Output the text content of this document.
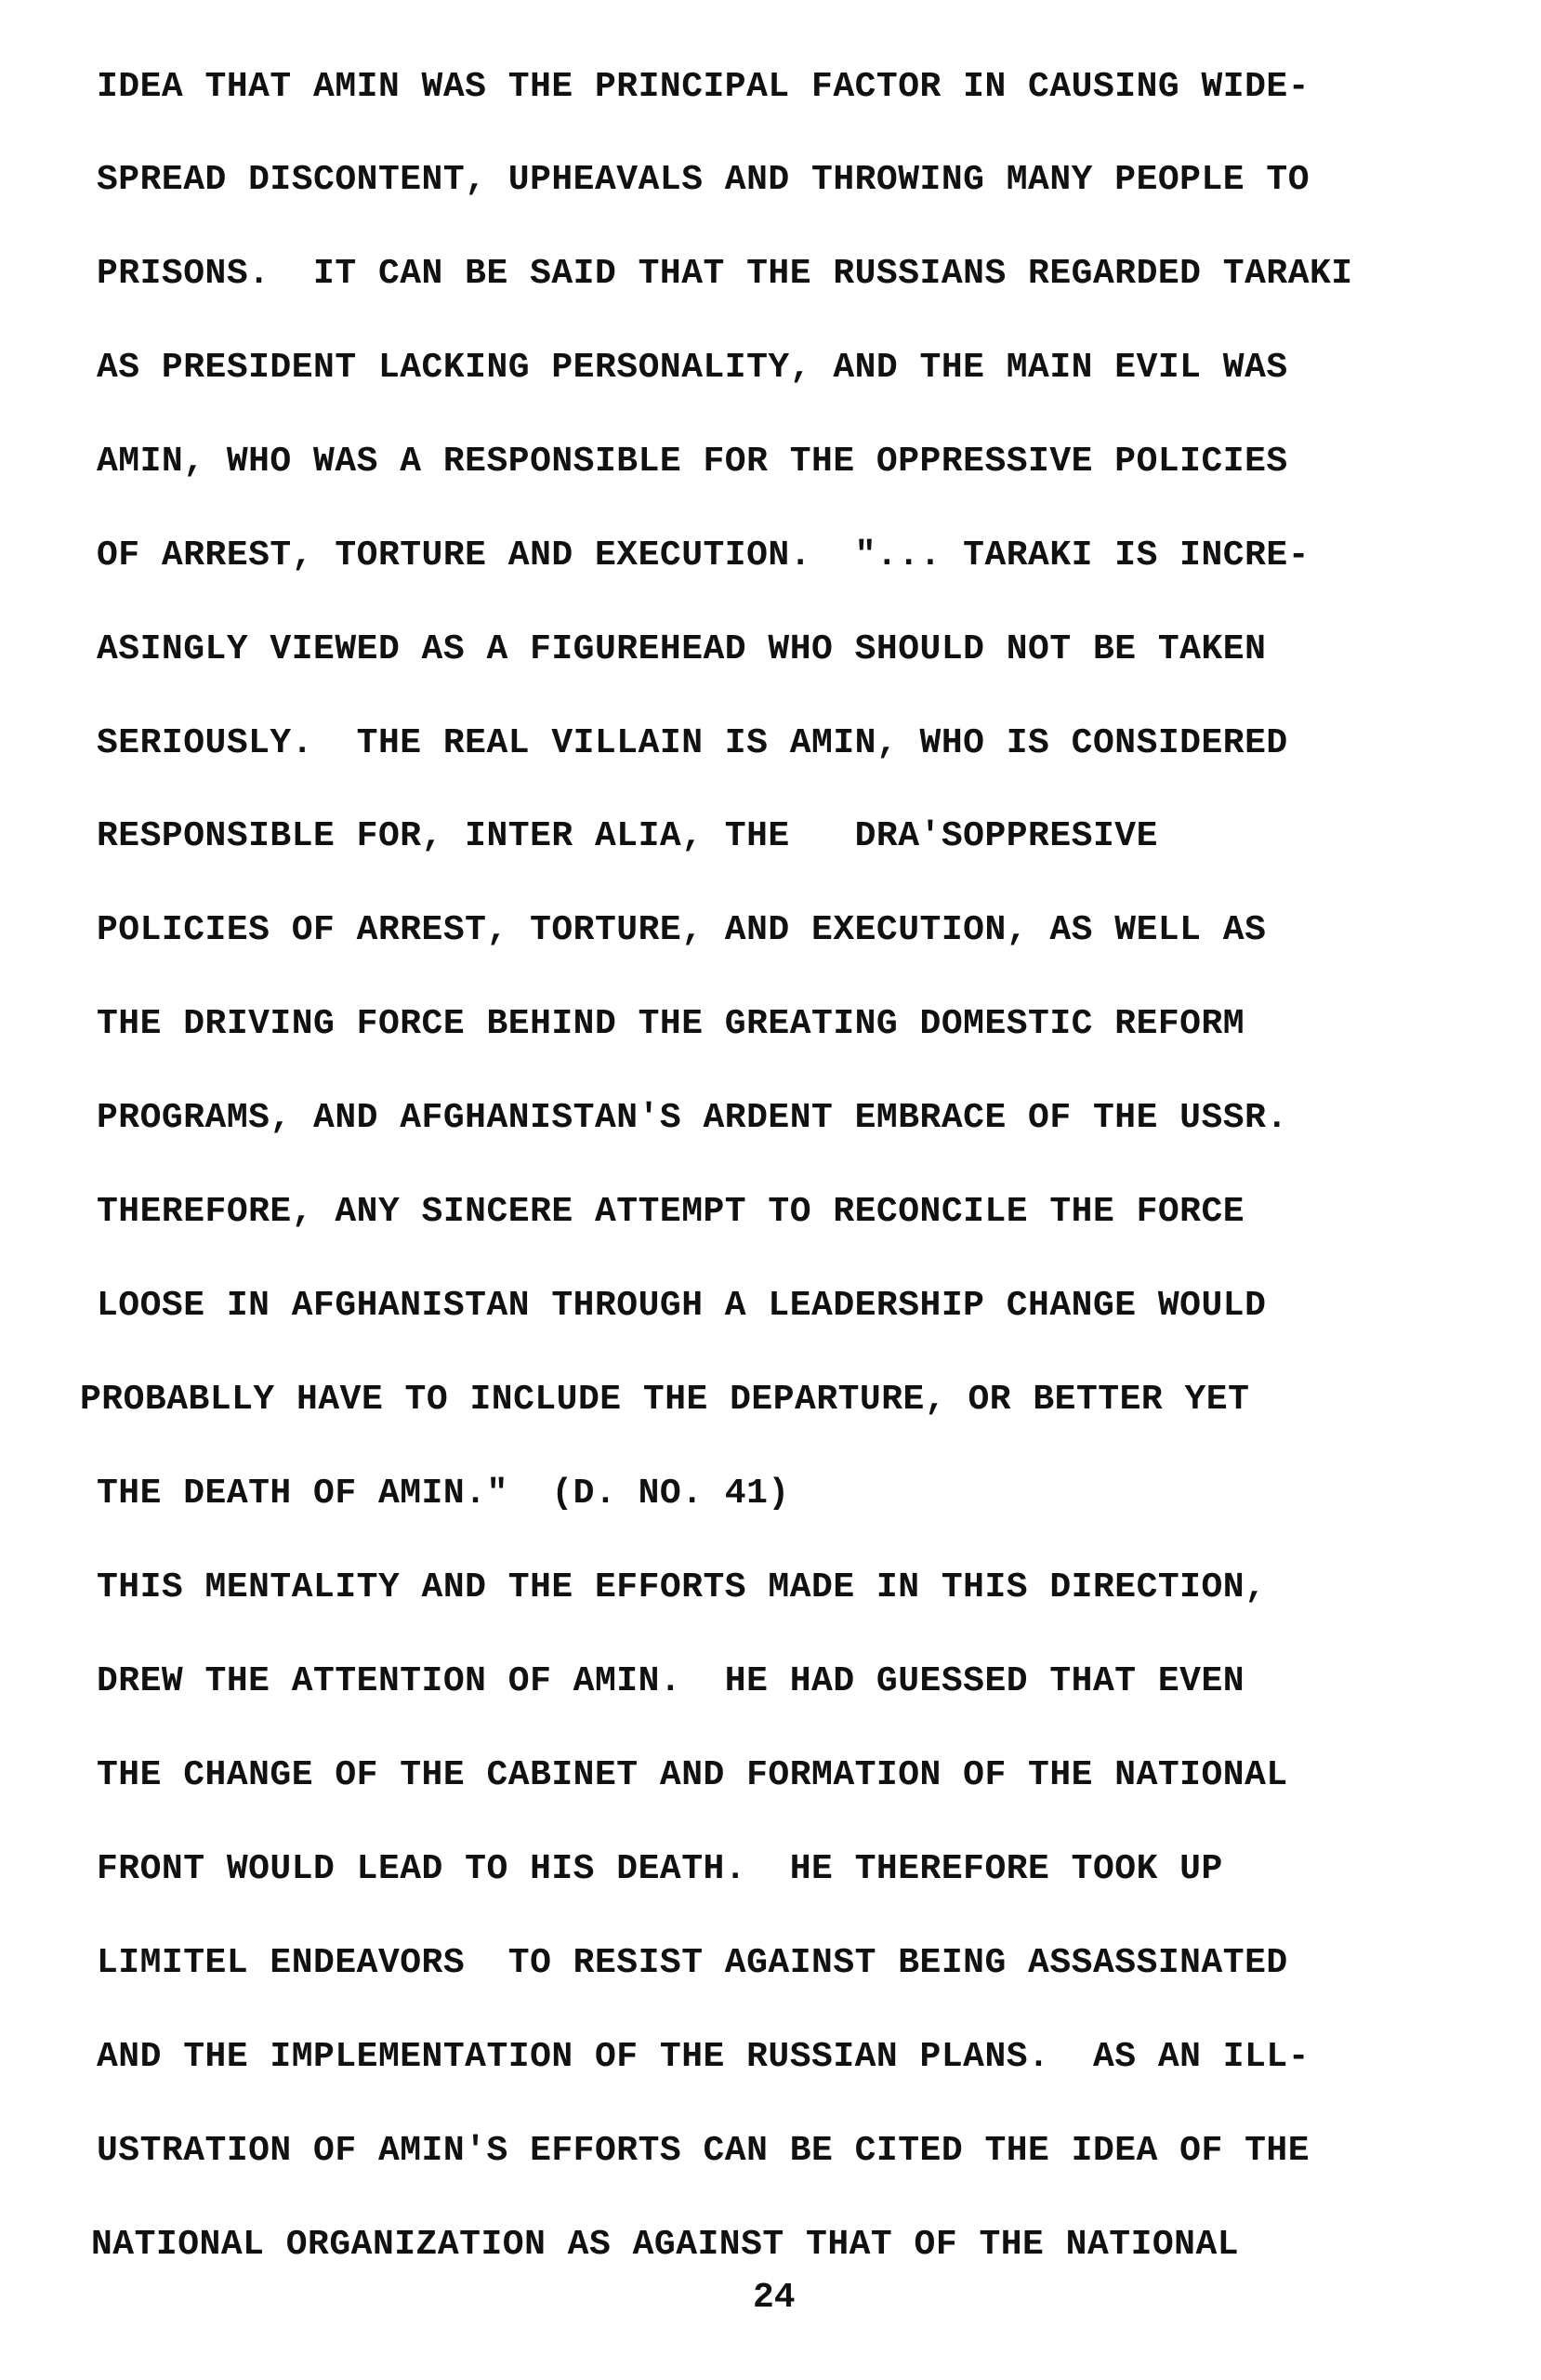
IDEA THAT AMIN WAS THE PRINCIPAL FACTOR IN CAUSING WIDE-
SPREAD DISCONTENT, UPHEAVALS AND THROWING MANY PEOPLE TO
PRISONS.  IT CAN BE SAID THAT THE RUSSIANS REGARDED TARAKI
AS PRESIDENT LACKING PERSONALITY, AND THE MAIN EVIL WAS
AMIN, WHO WAS A RESPONSIBLE FOR THE OPPRESSIVE POLICIES
OF ARREST, TORTURE AND EXECUTION.  "... TARAKI IS INCRE-
ASINGLY VIEWED AS A FIGUREHEAD WHO SHOULD NOT BE TAKEN
SERIOUSLY.  THE REAL VILLAIN IS AMIN, WHO IS CONSIDERED
RESPONSIBLE FOR, INTER ALIA, THE   DRA'SOPPRESIVE
POLICIES OF ARREST, TORTURE, AND EXECUTION, AS WELL AS
THE DRIVING FORCE BEHIND THE GREATING DOMESTIC REFORM
PROGRAMS, AND AFGHANISTAN'S ARDENT EMBRACE OF THE USSR.
THEREFORE, ANY SINCERE ATTEMPT TO RECONCILE THE FORCE
LOOSE IN AFGHANISTAN THROUGH A LEADERSHIP CHANGE WOULD
PROBABLLY HAVE TO INCLUDE THE DEPARTURE, OR BETTER YET
THE DEATH OF AMIN."  (D. NO. 41)
THIS MENTALITY AND THE EFFORTS MADE IN THIS DIRECTION,
DREW THE ATTENTION OF AMIN.  HE HAD GUESSED THAT EVEN
THE CHANGE OF THE CABINET AND FORMATION OF THE NATIONAL
FRONT WOULD LEAD TO HIS DEATH.  HE THEREFORE TOOK UP
LIMITEL ENDEAVORS  TO RESIST AGAINST BEING ASSASSINATED
AND THE IMPLEMENTATION OF THE RUSSIAN PLANS.  AS AN ILL-
USTRATION OF AMIN'S EFFORTS CAN BE CITED THE IDEA OF THE
NATIONAL ORGANIZATION AS AGAINST THAT OF THE NATIONAL
24
